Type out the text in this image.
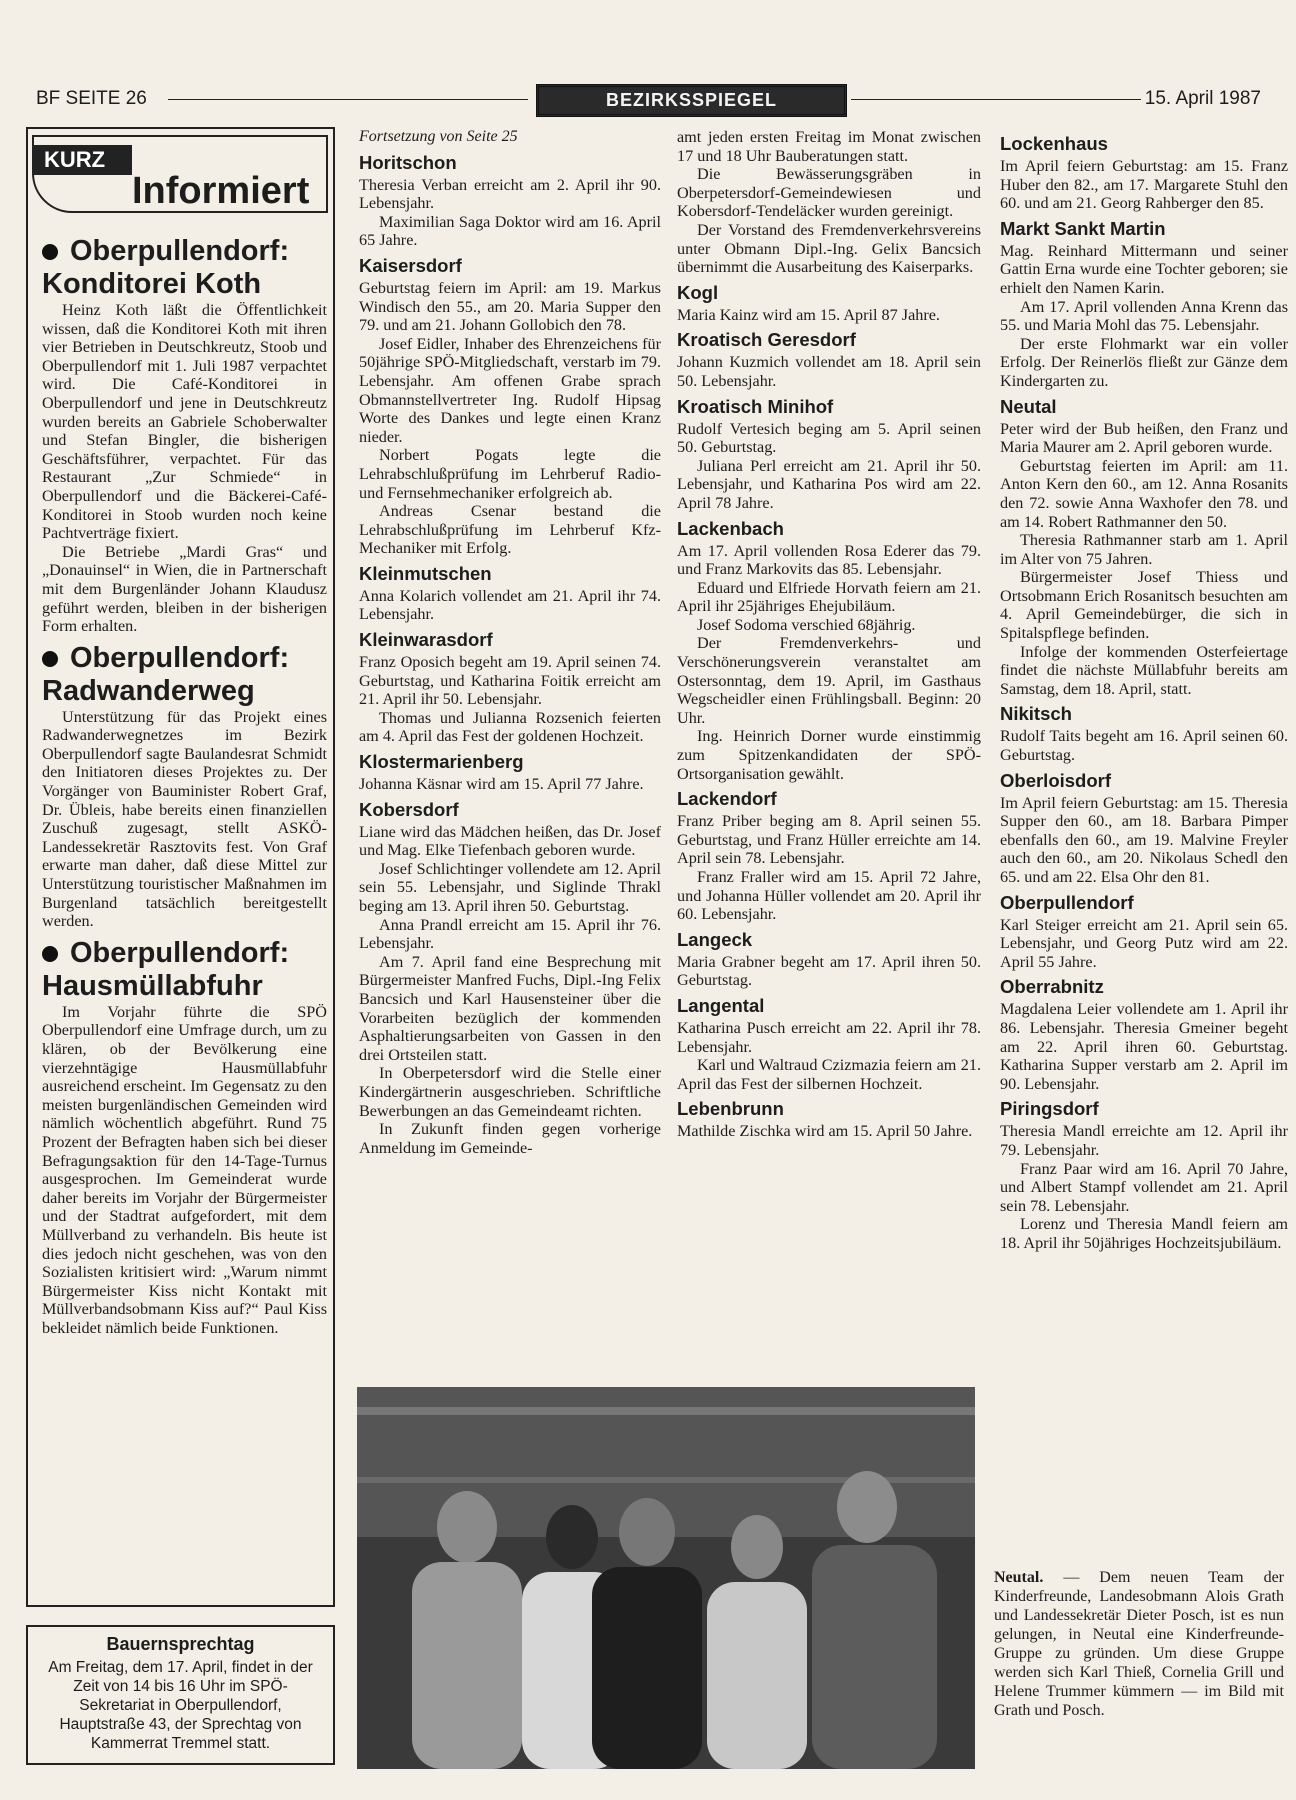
BF SEITE 26	BEZIRKSSPIEGEL	15. April 1987
KURZ
Informiert

Oberpullendorf:
Konditorei Koth

Heinz Koth läßt die Öffentlichkeit wissen, daß die Konditorei Koth mit ihren vier Betrieben in Deutschkreutz, Stoob und Oberpullendorf mit 1. Juli 1987 verpachtet wird. Die Café-Konditorei in Oberpullendorf und jene in Deutschkreutz wurden bereits an Gabriele Schoberwalter und Stefan Bingler, die bisherigen Geschäftsführer, verpachtet. Für das Restaurant „Zur Schmiede“ in Oberpullendorf und die Bäckerei-Café-Konditorei in Stoob wurden noch keine Pachtverträge fixiert.

Die Betriebe „Mardi Gras“ und „Donauinsel“ in Wien, die in Partnerschaft mit dem Burgenländer Johann Klaudusz geführt werden, bleiben in der bisherigen Form erhalten.

Oberpullendorf:
Radwanderweg

Unterstützung für das Projekt eines Radwanderwegnetzes im Bezirk Oberpullendorf sagte Baulandesrat Schmidt den Initiatoren dieses Projektes zu. Der Vorgänger von Bauminister Robert Graf, Dr. Übleis, habe bereits einen finanziellen Zuschuß zugesagt, stellt ASKÖ-Landessekretär Rasztovits fest. Von Graf erwarte man daher, daß diese Mittel zur Unterstützung touristischer Maßnahmen im Burgenland tatsächlich bereitgestellt werden.

Oberpullendorf:
Hausmüllabfuhr

Im Vorjahr führte die SPÖ Oberpullendorf eine Umfrage durch, um zu klären, ob der Bevölkerung eine vierzehntägige Hausmüllabfuhr ausreichend erscheint. Im Gegensatz zu den meisten burgenländischen Gemeinden wird nämlich wöchentlich abgeführt. Rund 75 Prozent der Befragten haben sich bei dieser Befragungsaktion für den 14-Tage-Turnus ausgesprochen. Im Gemeinderat wurde daher bereits im Vorjahr der Bürgermeister und der Stadtrat aufgefordert, mit dem Müllverband zu verhandeln. Bis heute ist dies jedoch nicht geschehen, was von den Sozialisten kritisiert wird: „Warum nimmt Bürgermeister Kiss nicht Kontakt mit Müllverbandsobmann Kiss auf?“ Paul Kiss bekleidet nämlich beide Funktionen.

Bauernsprechtag
Am Freitag, dem 17. April, findet in der Zeit von 14 bis 16 Uhr im SPÖ-Sekretariat in Oberpullendorf, Hauptstraße 43, der Sprechtag von Kammerrat Tremmel statt.
Fortsetzung von Seite 25
Horitschon

Theresia Verban erreicht am 2. April ihr 90. Lebensjahr.

Maximilian Saga Doktor wird am 16. April 65 Jahre.

Kaisersdorf

Geburtstag feiern im April: am 19. Markus Windisch den 55., am 20. Maria Supper den 79. und am 21. Johann Gollobich den 78.

Josef Eidler, Inhaber des Ehrenzeichens für 50jährige SPÖ-Mitgliedschaft, verstarb im 79. Lebensjahr. Am offenen Grabe sprach Obmannstellvertreter Ing. Rudolf Hipsag Worte des Dankes und legte einen Kranz nieder.

Norbert Pogats legte die Lehrabschlußprüfung im Lehrberuf Radio- und Fernsehmechaniker erfolgreich ab.

Andreas Csenar bestand die Lehrabschlußprüfung im Lehrberuf Kfz-Mechaniker mit Erfolg.

Kleinmutschen

Anna Kolarich vollendet am 21. April ihr 74. Lebensjahr.

Kleinwarasdorf

Franz Oposich begeht am 19. April seinen 74. Geburtstag, und Katharina Foitik erreicht am 21. April ihr 50. Lebensjahr.

Thomas und Julianna Rozsenich feierten am 4. April das Fest der goldenen Hochzeit.

Klostermarienberg

Johanna Käsnar wird am 15. April 77 Jahre.

Kobersdorf

Liane wird das Mädchen heißen, das Dr. Josef und Mag. Elke Tiefenbach geboren wurde.

Josef Schlichtinger vollendete am 12. April sein 55. Lebensjahr, und Siglinde Thrakl beging am 13. April ihren 50. Geburtstag.

Anna Prandl erreicht am 15. April ihr 76. Lebensjahr.

Am 7. April fand eine Besprechung mit Bürgermeister Manfred Fuchs, Dipl.-Ing Felix Bancsich und Karl Hausensteiner über die Vorarbeiten bezüglich der kommenden Asphaltierungsarbeiten von Gassen in den drei Ortsteilen statt.

In Oberpetersdorf wird die Stelle einer Kindergärtnerin ausgeschrieben. Schriftliche Bewerbungen an das Gemeindeamt richten.

In Zukunft finden gegen vorherige Anmeldung im Gemeinde-

amt jeden ersten Freitag im Monat zwischen 17 und 18 Uhr Bauberatungen statt.

Die Bewässerungsgräben in Oberpetersdorf-Gemeindewiesen und Kobersdorf-Tendeläcker wurden gereinigt.

Der Vorstand des Fremdenverkehrsvereins unter Obmann Dipl.-Ing. Gelix Bancsich übernimmt die Ausarbeitung des Kaiserparks.

Kogl

Maria Kainz wird am 15. April 87 Jahre.

Kroatisch Geresdorf

Johann Kuzmich vollendet am 18. April sein 50. Lebensjahr.

Kroatisch Minihof

Rudolf Vertesich beging am 5. April seinen 50. Geburtstag.

Juliana Perl erreicht am 21. April ihr 50. Lebensjahr, und Katharina Pos wird am 22. April 78 Jahre.

Lackenbach

Am 17. April vollenden Rosa Ederer das 79. und Franz Markovits das 85. Lebensjahr.

Eduard und Elfriede Horvath feiern am 21. April ihr 25jähriges Ehejubiläum.

Josef Sodoma verschied 68jährig.

Der Fremdenverkehrs- und Verschönerungsverein veranstaltet am Ostersonntag, dem 19. April, im Gasthaus Wegscheidler einen Frühlingsball. Beginn: 20 Uhr.

Ing. Heinrich Dorner wurde einstimmig zum Spitzenkandidaten der SPÖ-Ortsorganisation gewählt.

Lackendorf

Franz Priber beging am 8. April seinen 55. Geburtstag, und Franz Hüller erreichte am 14. April sein 78. Lebensjahr.

Franz Fraller wird am 15. April 72 Jahre, und Johanna Hüller vollendet am 20. April ihr 60. Lebensjahr.

Langeck

Maria Grabner begeht am 17. April ihren 50. Geburtstag.

Langental

Katharina Pusch erreicht am 22. April ihr 78. Lebensjahr.

Karl und Waltraud Czizmazia feiern am 21. April das Fest der silbernen Hochzeit.

Lebenbrunn

Mathilde Zischka wird am 15. April 50 Jahre.

Lockenhaus

Im April feiern Geburtstag: am 15. Franz Huber den 82., am 17. Margarete Stuhl den 60. und am 21. Georg Rahberger den 85.

Markt Sankt Martin

Mag. Reinhard Mittermann und seiner Gattin Erna wurde eine Tochter geboren; sie erhielt den Namen Karin.

Am 17. April vollenden Anna Krenn das 55. und Maria Mohl das 75. Lebensjahr.

Der erste Flohmarkt war ein voller Erfolg. Der Reinerlös fließt zur Gänze dem Kindergarten zu.

Neutal

Peter wird der Bub heißen, den Franz und Maria Maurer am 2. April geboren wurde.

Geburtstag feierten im April: am 11. Anton Kern den 60., am 12. Anna Rosanits den 72. sowie Anna Waxhofer den 78. und am 14. Robert Rathmanner den 50.

Theresia Rathmanner starb am 1. April im Alter von 75 Jahren.

Bürgermeister Josef Thiess und Ortsobmann Erich Rosanitsch besuchten am 4. April Gemeindebürger, die sich in Spitalspflege befinden.

Infolge der kommenden Osterfeiertage findet die nächste Müllabfuhr bereits am Samstag, dem 18. April, statt.

Nikitsch

Rudolf Taits begeht am 16. April seinen 60. Geburtstag.

Oberloisdorf

Im April feiern Geburtstag: am 15. Theresia Supper den 60., am 18. Barbara Pimper ebenfalls den 60., am 19. Malvine Freyler auch den 60., am 20. Nikolaus Schedl den 65. und am 22. Elsa Ohr den 81.

Oberpullendorf

Karl Steiger erreicht am 21. April sein 65. Lebensjahr, und Georg Putz wird am 22. April 55 Jahre.

Oberrabnitz

Magdalena Leier vollendete am 1. April ihr 86. Lebensjahr. Theresia Gmeiner begeht am 22. April ihren 60. Geburtstag. Katharina Supper verstarb am 2. April im 90. Lebensjahr.

Piringsdorf

Theresia Mandl erreichte am 12. April ihr 79. Lebensjahr.

Franz Paar wird am 16. April 70 Jahre, und Albert Stampf vollendet am 21. April sein 78. Lebensjahr.

Lorenz und Theresia Mandl feiern am 18. April ihr 50jähriges Hochzeitsjubiläum.

Neutal. — Dem neuen Team der Kinderfreunde, Landesobmann Alois Grath und Landessekretär Dieter Posch, ist es nun gelungen, in Neutal eine Kinderfreunde-Gruppe zu gründen. Um diese Gruppe werden sich Karl Thieß, Cornelia Grill und Helene Trummer kümmern — im Bild mit Grath und Posch.
